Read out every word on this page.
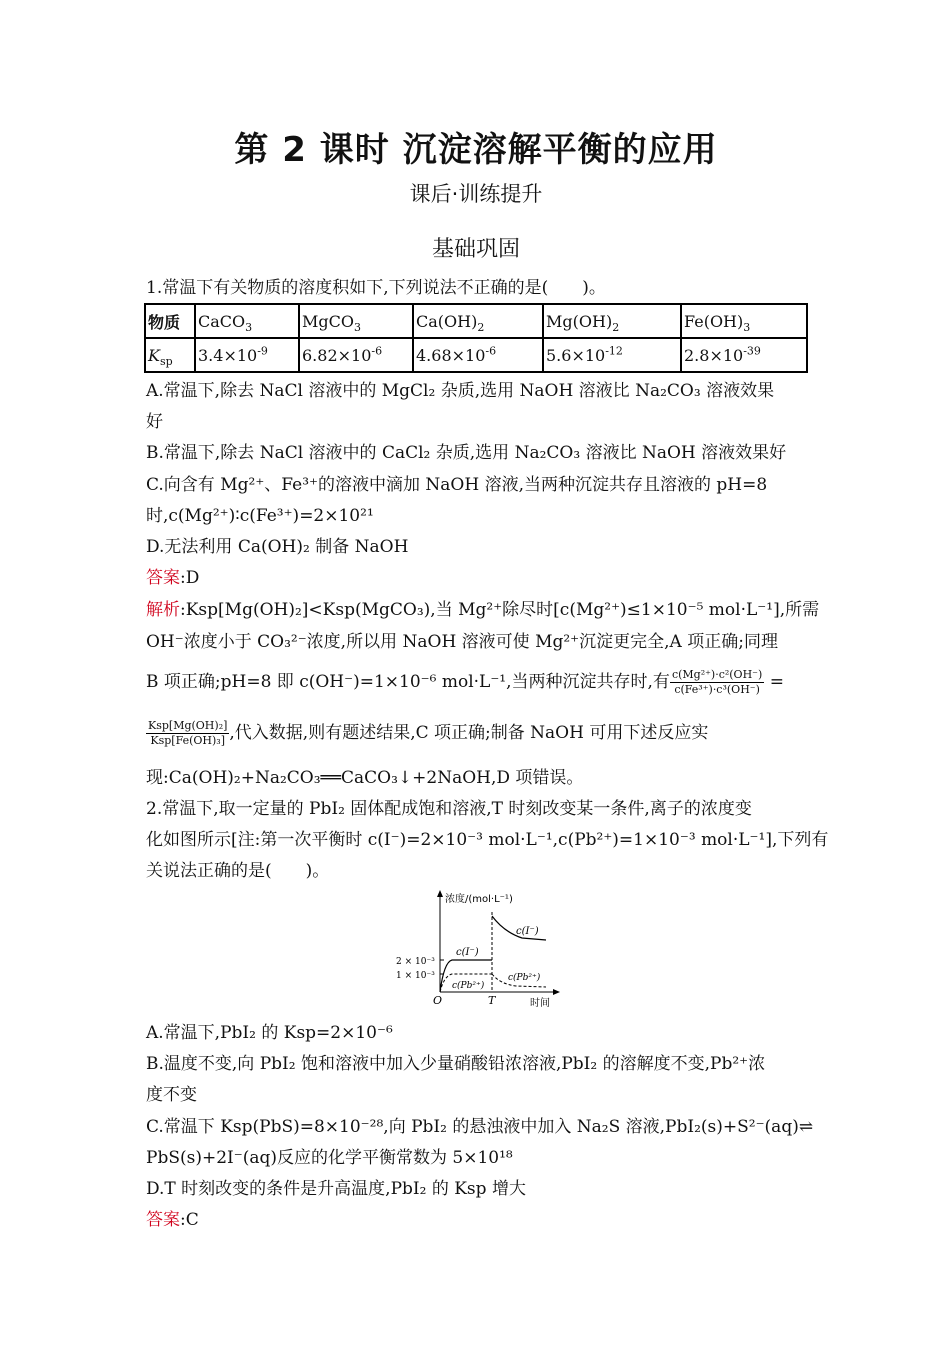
第 2 课时 沉淀溶解平衡的应用
课后·训练提升
基础巩固
1.常温下有关物质的溶度积如下,下列说法不正确的是(　　)。
物质	CaCO$_3$	MgCO$_3$	$Ca(OH)_2$	$Mg(OH)_2$	$Fe(OH)_3$
$K_{sp}$	$3.4\times 10^{-9}$	$6.82\times 10^{-6}$	$4.68\times 10^{-6}$	$5.6\times 10^{-12}$	$2.8\times 10^{-39}$
A.常温下,除去 NaCl 溶液中的 MgCl₂ 杂质,选用 NaOH 溶液比 Na₂CO₃ 溶液效果
好
B.常温下,除去 NaCl 溶液中的 CaCl₂ 杂质,选用 Na₂CO₃ 溶液比 NaOH 溶液效果好
C.向含有 Mg²⁺、Fe³⁺的溶液中滴加 NaOH 溶液,当两种沉淀共存且溶液的 pH=8
时,c(Mg²⁺)∶c(Fe³⁺)=2×10²¹
D.无法利用 Ca(OH)₂ 制备 NaOH
答案:D
解析:Ksp[Mg(OH)₂]<Ksp(MgCO₃),当 Mg²⁺除尽时[c(Mg²⁺)≤1×10⁻⁵ mol·L⁻¹],所需
OH⁻浓度小于 CO₃²⁻浓度,所以用 NaOH 溶液可使 Mg²⁺沉淀更完全,A 项正确;同理
B 项正确;pH=8 即 c(OH⁻)=1×10⁻⁶ mol·L⁻¹,当两种沉淀共存时,有 $\frac{\text{c(Mg²⁺)·c²(OH⁻)}}{\text{c(Fe³⁺)·c³(OH⁻)}}$ =
$\frac{\text{Ksp[Mg(OH)₂]}}{\text{Ksp[Fe(OH)₃]}}$ ,代入数据,则有题述结果,C 项正确;制备 NaOH 可用下述反应实
现:Ca(OH)₂+Na₂CO₃══CaCO₃↓+2NaOH,D 项错误。
2.常温下,取一定量的 PbI₂ 固体配成饱和溶液,T 时刻改变某一条件,离子的浓度变
化如图所示[注:第一次平衡时 c(I⁻)=2×10⁻³ mol·L⁻¹,c(Pb²⁺)=1×10⁻³ mol·L⁻¹],下列有
关说法正确的是(　　)。
浓度/(mol·L⁻¹)
时间
O	T
2 × 10⁻³
1 × 10⁻³
c(I⁻)
c(I⁻)
c(Pb²⁺)
c(Pb²⁺)
A.常温下,PbI₂ 的 Ksp=2×10⁻⁶
B.温度不变,向 PbI₂ 饱和溶液中加入少量硝酸铅浓溶液,PbI₂ 的溶解度不变,Pb²⁺浓
度不变
C.常温下 Ksp(PbS)=8×10⁻²⁸,向 PbI₂ 的悬浊液中加入 Na₂S 溶液,PbI₂(s)+S²⁻(aq)⇌
PbS(s)+2I⁻(aq)反应的化学平衡常数为 5×10¹⁸
D.T 时刻改变的条件是升高温度,PbI₂ 的 Ksp 增大
答案:C
